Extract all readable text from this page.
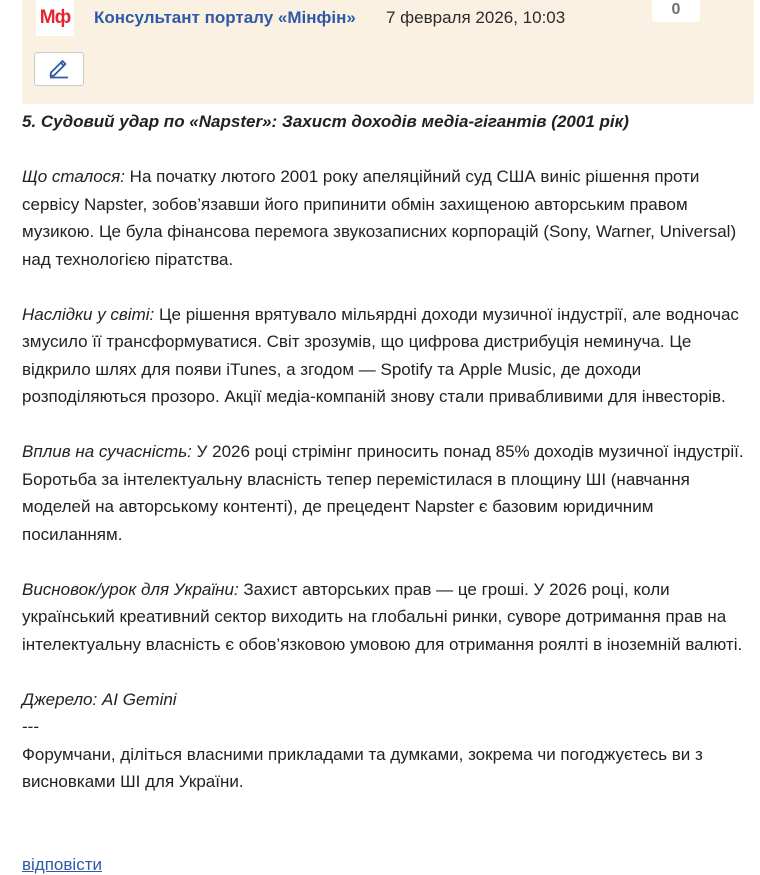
Мф Консультант порталу «Мінфін» 7 февраля 2026, 10:03	0

5. Судовий удар по «Napster»: Захист доходів медіа-гігантів (2001 рік)

Що сталося: На початку лютого 2001 року апеляційний суд США виніс рішення проти сервісу Napster, зобов’язавши його припинити обмін захищеною авторським правом музикою. Це була фінансова перемога звукозаписних корпорацій (Sony, Warner, Universal) над технологією піратства.

Наслідки у світі: Це рішення врятувало мільярдні доходи музичної індустрії, але водночас змусило її трансформуватися. Світ зрозумів, що цифрова дистрибуція неминуча. Це відкрило шлях для появи iTunes, а згодом — Spotify та Apple Music, де доходи розподіляються прозоро. Акції медіа-компаній знову стали привабливими для інвесторів.

Вплив на сучасність: У 2026 році стрімінг приносить понад 85% доходів музичної індустрії. Боротьба за інтелектуальну власність тепер перемістилася в площину ШІ (навчання моделей на авторському контенті), де прецедент Napster є базовим юридичним посиланням.

Висновок/урок для України: Захист авторських прав — це гроші. У 2026 році, коли український креативний сектор виходить на глобальні ринки, суворе дотримання прав на інтелектуальну власність є обов’язковою умовою для отримання роялті в іноземній валюті.

Джерело: AI Gemini

---

Форумчани, діліться власними прикладами та думками, зокрема чи погоджуєтесь ви з висновками ШІ для України.

відповісти
